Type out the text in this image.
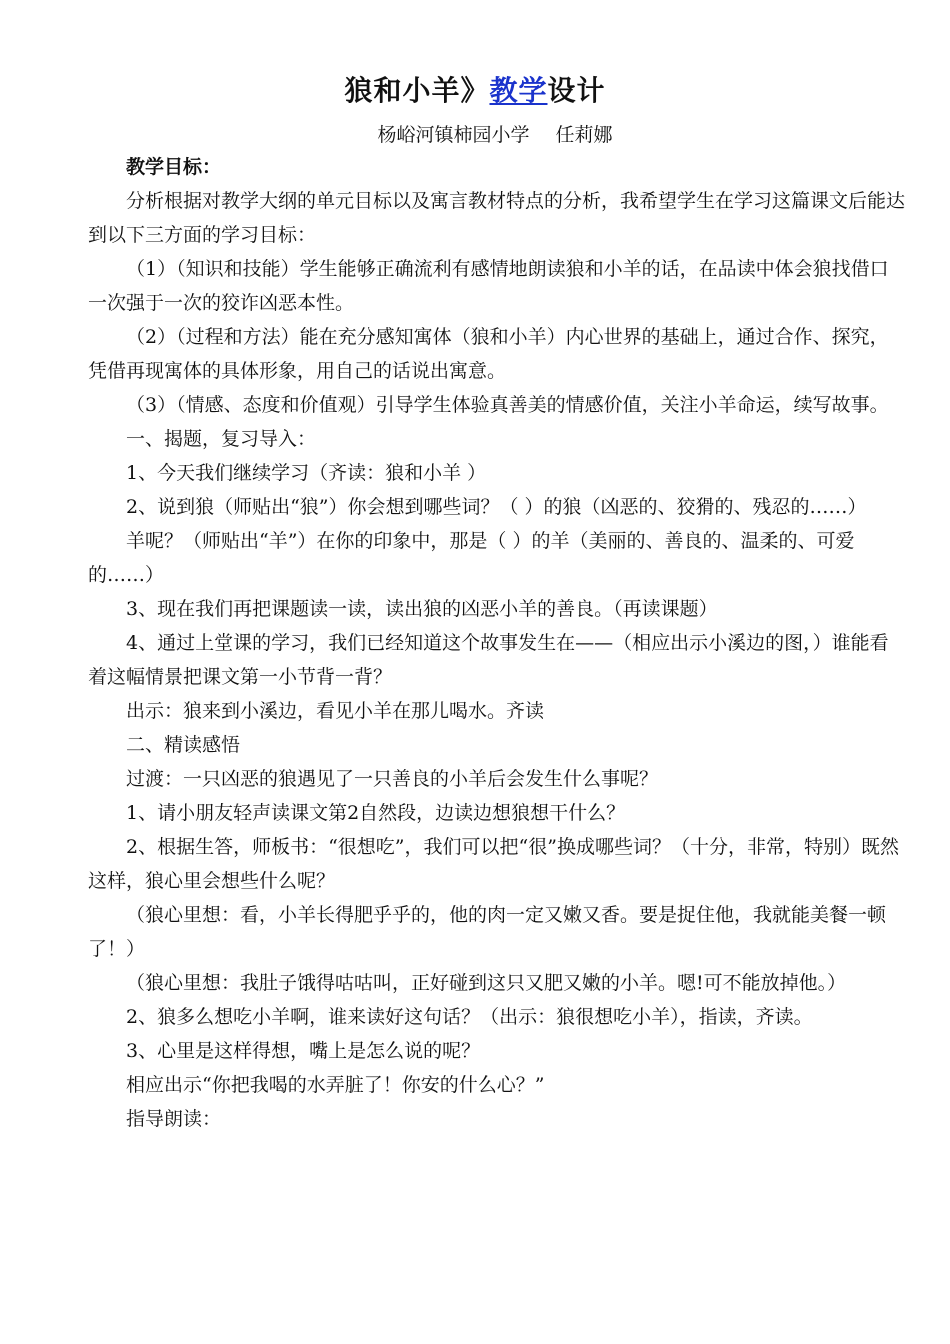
狼和小羊》教学设计
杨峪河镇柿园小学 任莉娜

教学目标：

分析根据对教学大纲的单元目标以及寓言教材特点的分析，我希望学生在学习这篇课文后能达到以下三方面的学习目标：

（1）（知识和技能）学生能够正确流利有感情地朗读狼和小羊的话，在品读中体会狼找借口一次强于一次的狡诈凶恶本性。

（2）（过程和方法）能在充分感知寓体（狼和小羊）内心世界的基础上，通过合作、探究，凭借再现寓体的具体形象，用自己的话说出寓意。

（3）（情感、态度和价值观）引导学生体验真善美的情感价值，关注小羊命运，续写故事。

一、揭题，复习导入：

1、今天我们继续学习（齐读：狼和小羊 ）

2、说到狼（师贴出“狼”）你会想到哪些词？（ ）的狼（凶恶的、狡猾的、残忍的……）

羊呢？（师贴出“羊”）在你的印象中，那是（ ）的羊（美丽的、善良的、温柔的、可爱的……）

3、现在我们再把课题读一读，读出狼的凶恶小羊的善良。（再读课题）

4、通过上堂课的学习，我们已经知道这个故事发生在——（相应出示小溪边的图，）谁能看着这幅情景把课文第一小节背一背？

出示：狼来到小溪边，看见小羊在那儿喝水。齐读

二、精读感悟

过渡：一只凶恶的狼遇见了一只善良的小羊后会发生什么事呢？

1、请小朋友轻声读课文第2自然段，边读边想狼想干什么？

2、根据生答，师板书：“很想吃”，我们可以把“很”换成哪些词？（十分，非常，特别）既然这样，狼心里会想些什么呢？

（狼心里想：看，小羊长得肥乎乎的，他的肉一定又嫩又香。要是捉住他，我就能美餐一顿了！）

（狼心里想：我肚子饿得咕咕叫，正好碰到这只又肥又嫩的小羊。嗯!可不能放掉他。）

2、狼多么想吃小羊啊，谁来读好这句话？（出示：狼很想吃小羊），指读，齐读。

3、心里是这样得想，嘴上是怎么说的呢？

相应出示“你把我喝的水弄脏了！你安的什么心？”

指导朗读：
